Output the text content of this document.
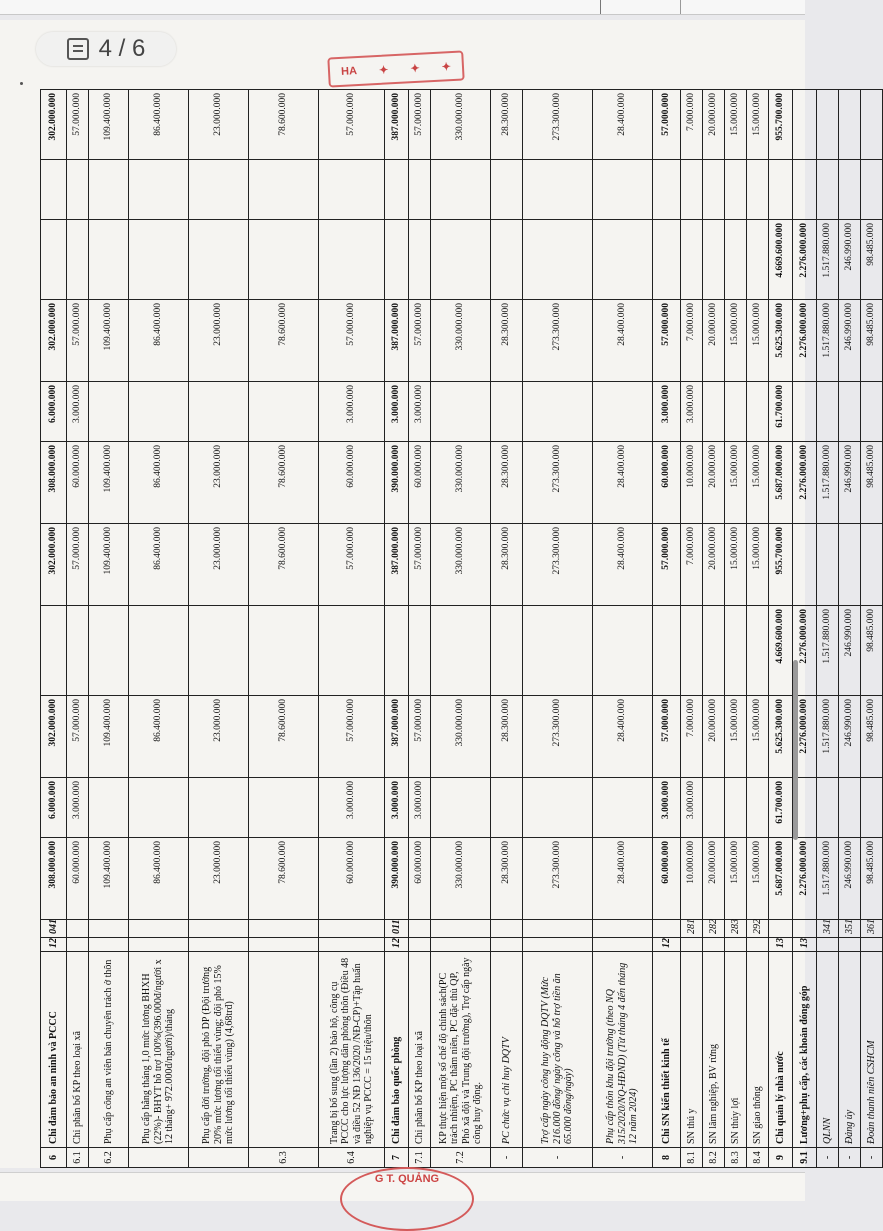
6	Chi đảm bảo an ninh và PCCC	12	041	308.000.000	6.000.000	302.000.000		302.000.000	308.000.000	6.000.000	302.000.000			302.000.000
6.1	Chi phân bổ KP theo loại xã			60.000.000	3.000.000	57.000.000		57.000.000	60.000.000	3.000.000	57.000.000			57.000.000
6.2	Phụ cấp công an viên bán chuyên trách ở thôn			109.400.000		109.400.000		109.400.000	109.400.000		109.400.000			109.400.000
	Phụ cấp hằng tháng 1,0 mức lương BHXH (22%)- BHYT hỗ trợ 100%(396.000đ/người x 12 tháng+ 972.000đ/người)/tháng			86.400.000		86.400.000		86.400.000	86.400.000		86.400.000			86.400.000
	Phụ cấp đời trường, đội phó DP (Đội trưởng 20% mức lương tối thiểu vùng; đội phó 15% mức lương tối thiểu vùng) (4,68trđ)			23.000.000		23.000.000		23.000.000	23.000.000		23.000.000			23.000.000
6.3				78.600.000		78.600.000		78.600.000	78.600.000		78.600.000			78.600.000
6.4	Trang bị bổ sung (lần 2) bảo hộ, công cụ PCCC cho lực lượng dân phòng thôn (Điều 48 và điều 52 NĐ 136/2020 /NĐ-CP)+Tập huấn nghiệp vụ PCCC = 15 triệu/thôn			60.000.000	3.000.000	57.000.000		57.000.000	60.000.000	3.000.000	57.000.000			57.000.000
7	Chi đảm bảo quốc phòng	12	011	390.000.000	3.000.000	387.000.000		387.000.000	390.000.000	3.000.000	387.000.000			387.000.000
7.1	Chi phân bổ KP theo loại xã			60.000.000	3.000.000	57.000.000		57.000.000	60.000.000	3.000.000	57.000.000			57.000.000
7.2	KP thực hiện một số chế độ chính sách(PC trách nhiệm, PC thâm niên, PC đặc thù QP, Phó xã đội và Trung đội trưởng), Trợ cấp ngày công huy động.			330.000.000		330.000.000		330.000.000	330.000.000		330.000.000			330.000.000
-	PC chức vụ chỉ huy DQTV			28.300.000		28.300.000		28.300.000	28.300.000		28.300.000			28.300.000
-	Trợ cấp ngày công huy động DQTV (Mức 216.000 đồng/ ngày công và hỗ trợ tiền ăn 65.000 đồng/ngày)			273.300.000		273.300.000		273.300.000	273.300.000		273.300.000			273.300.000
-	Phụ cấp thôn khu đội trưởng (theo NQ 315/2020/NQ-HĐND) (Từ tháng 4 đến tháng 12 năm 2024)			28.400.000		28.400.000		28.400.000	28.400.000		28.400.000			28.400.000
8	Chi SN kiến thiết kinh tế	12		60.000.000	3.000.000	57.000.000		57.000.000	60.000.000	3.000.000	57.000.000			57.000.000
8.1	SN thú y		281	10.000.000	3.000.000	7.000.000		7.000.000	10.000.000	3.000.000	7.000.000			7.000.000
8.2	SN lâm nghiệp, BV rừng		282	20.000.000		20.000.000		20.000.000	20.000.000		20.000.000			20.000.000
8.3	SN thủy lợi		283	15.000.000		15.000.000		15.000.000	15.000.000		15.000.000			15.000.000
8.4	SN giao thông		292	15.000.000		15.000.000		15.000.000	15.000.000		15.000.000			15.000.000
9	Chi quản lý nhà nước	13		5.687.000.000	61.700.000	5.625.300.000	4.669.600.000	955.700.000	5.687.000.000	61.700.000	5.625.300.000	4.669.600.000		955.700.000
9.1	Lương+phụ cấp, các khoản đóng góp	13		2.276.000.000		2.276.000.000	2.276.000.000		2.276.000.000		2.276.000.000	2.276.000.000		
-	QLNN		341	1.517.880.000		1.517.880.000	1.517.880.000		1.517.880.000		1.517.880.000	1.517.880.000		
-	Đảng ủy		351	246.990.000		246.990.000	246.990.000		246.990.000		246.990.000	246.990.000		
-	Đoàn thanh niên CSHCM		361	98.485.000		98.485.000	98.485.000		98.485.000		98.485.000	98.485.000		
HA ✦ ✦ ✦
4 / 6
G T. QUẢNG
